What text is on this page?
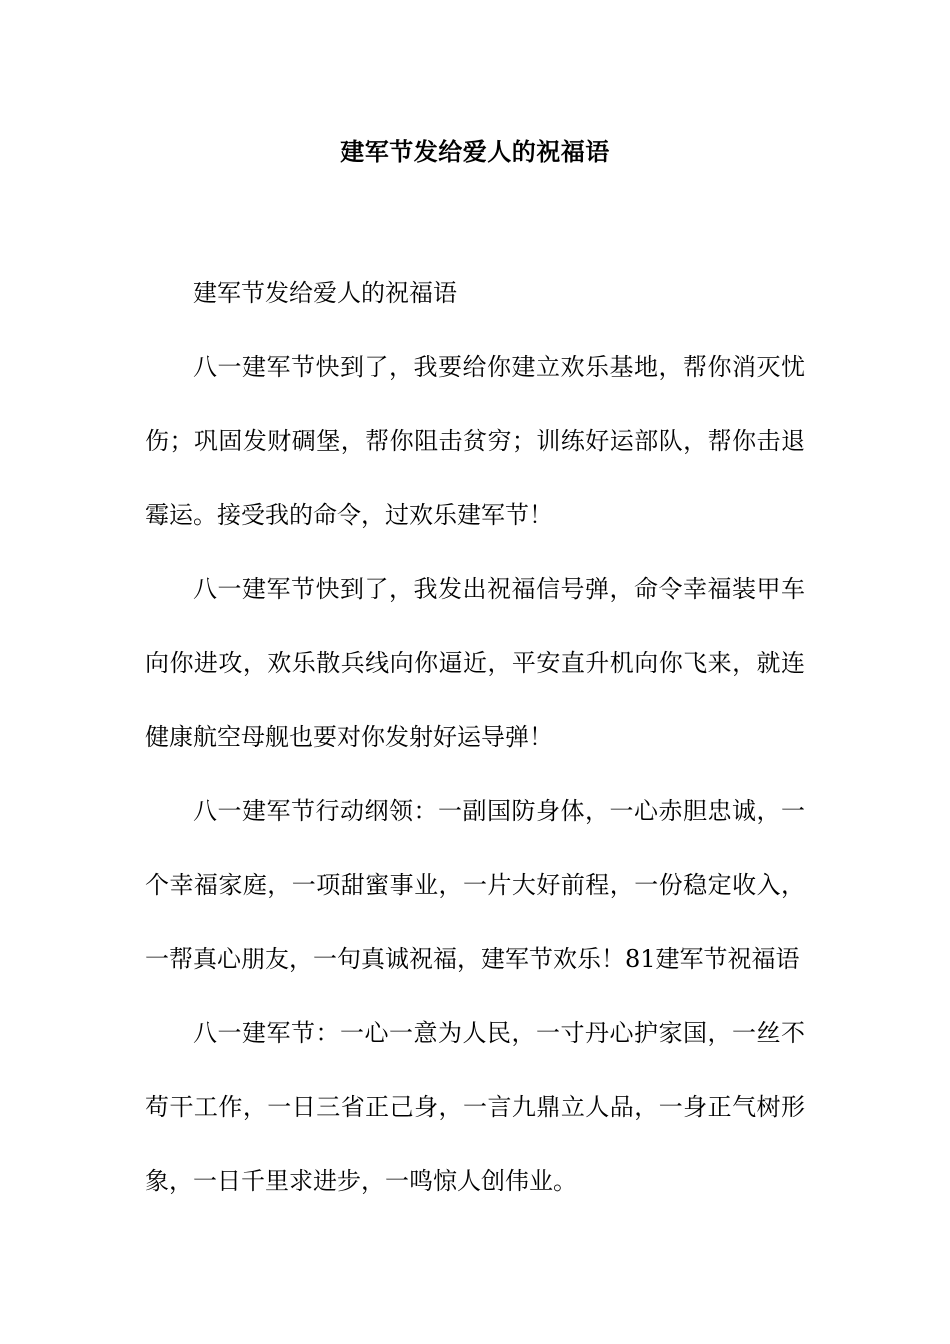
建军节发给爱人的祝福语

建军节发给爱人的祝福语

八一建军节快到了，我要给你建立欢乐基地，帮你消灭忧伤；巩固发财碉堡，帮你阻击贫穷；训练好运部队，帮你击退霉运。接受我的命令，过欢乐建军节！

八一建军节快到了，我发出祝福信号弹，命令幸福装甲车向你进攻，欢乐散兵线向你逼近，平安直升机向你飞来，就连健康航空母舰也要对你发射好运导弹！

八一建军节行动纲领：一副国防身体，一心赤胆忠诚，一个幸福家庭，一项甜蜜事业，一片大好前程，一份稳定收入，一帮真心朋友，一句真诚祝福，建军节欢乐！81建军节祝福语

八一建军节：一心一意为人民，一寸丹心护家国，一丝不苟干工作，一日三省正己身，一言九鼎立人品，一身正气树形象，一日千里求进步，一鸣惊人创伟业。
